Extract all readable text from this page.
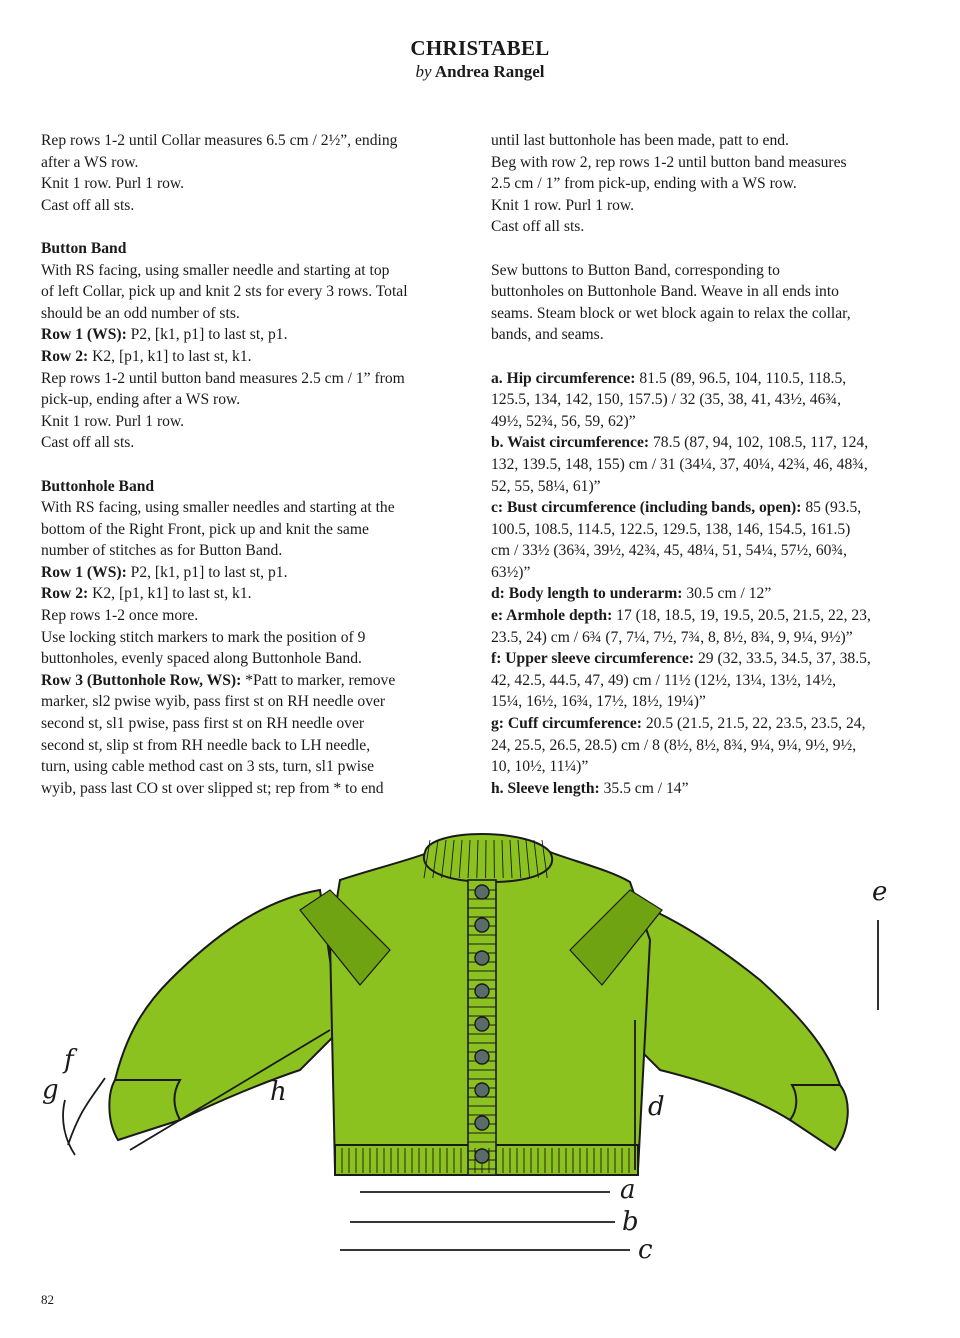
CHRISTABEL
by Andrea Rangel

Rep rows 1-2 until Collar measures 6.5 cm / 2½”, ending

after a WS row.

Knit 1 row. Purl 1 row.

Cast off all sts.

Button Band

With RS facing, using smaller needle and starting at top

of left Collar, pick up and knit 2 sts for every 3 rows. Total

should be an odd number of sts.

Row 1 (WS): P2, [k1, p1] to last st, p1.

Row 2: K2, [p1, k1] to last st, k1.

Rep rows 1-2 until button band measures 2.5 cm / 1” from

pick-up, ending after a WS row.

Knit 1 row. Purl 1 row.

Cast off all sts.

Buttonhole Band

With RS facing, using smaller needles and starting at the

bottom of the Right Front, pick up and knit the same

number of stitches as for Button Band.

Row 1 (WS): P2, [k1, p1] to last st, p1.

Row 2: K2, [p1, k1] to last st, k1.

Rep rows 1-2 once more.

Use locking stitch markers to mark the position of 9

buttonholes, evenly spaced along Buttonhole Band.

Row 3 (Buttonhole Row, WS): *Patt to marker, remove

marker, sl2 pwise wyib, pass first st on RH needle over

second st, sl1 pwise, pass first st on RH needle over

second st, slip st from RH needle back to LH needle,

turn, using cable method cast on 3 sts, turn, sl1 pwise

wyib, pass last CO st over slipped st; rep from * to end

until last buttonhole has been made, patt to end.

Beg with row 2, rep rows 1-2 until button band measures

2.5 cm / 1” from pick-up, ending with a WS row.

Knit 1 row. Purl 1 row.

Cast off all sts.

Sew buttons to Button Band, corresponding to

buttonholes on Buttonhole Band. Weave in all ends into

seams. Steam block or wet block again to relax the collar,

bands, and seams.

a. Hip circumference: 81.5 (89, 96.5, 104, 110.5, 118.5,

125.5, 134, 142, 150, 157.5) / 32 (35, 38, 41, 43½, 46¾,

49½, 52¾, 56, 59, 62)”

b. Waist circumference: 78.5 (87, 94, 102, 108.5, 117, 124,

132, 139.5, 148, 155) cm / 31 (34¼, 37, 40¼, 42¾, 46, 48¾,

52, 55, 58¼, 61)”

c: Bust circumference (including bands, open): 85 (93.5,

100.5, 108.5, 114.5, 122.5, 129.5, 138, 146, 154.5, 161.5)

cm / 33½ (36¾, 39½, 42¾, 45, 48¼, 51, 54¼, 57½, 60¾,

63½)”

d: Body length to underarm: 30.5 cm / 12”

e: Armhole depth: 17 (18, 18.5, 19, 19.5, 20.5, 21.5, 22, 23,

23.5, 24) cm / 6¾ (7, 7¼, 7½, 7¾, 8, 8½, 8¾, 9, 9¼, 9½)”

f: Upper sleeve circumference: 29 (32, 33.5, 34.5, 37, 38.5,

42, 42.5, 44.5, 47, 49) cm / 11½ (12½, 13¼, 13½, 14½,

15¼, 16½, 16¾, 17½, 18½, 19¼)”

g: Cuff circumference: 20.5 (21.5, 21.5, 22, 23.5, 23.5, 24,

24, 25.5, 26.5, 28.5) cm / 8 (8½, 8½, 8¾, 9¼, 9¼, 9½, 9½,

10, 10½, 11¼)”

h. Sleeve length: 35.5 cm / 14”

e
d
h
a
b
c
f
g
82
